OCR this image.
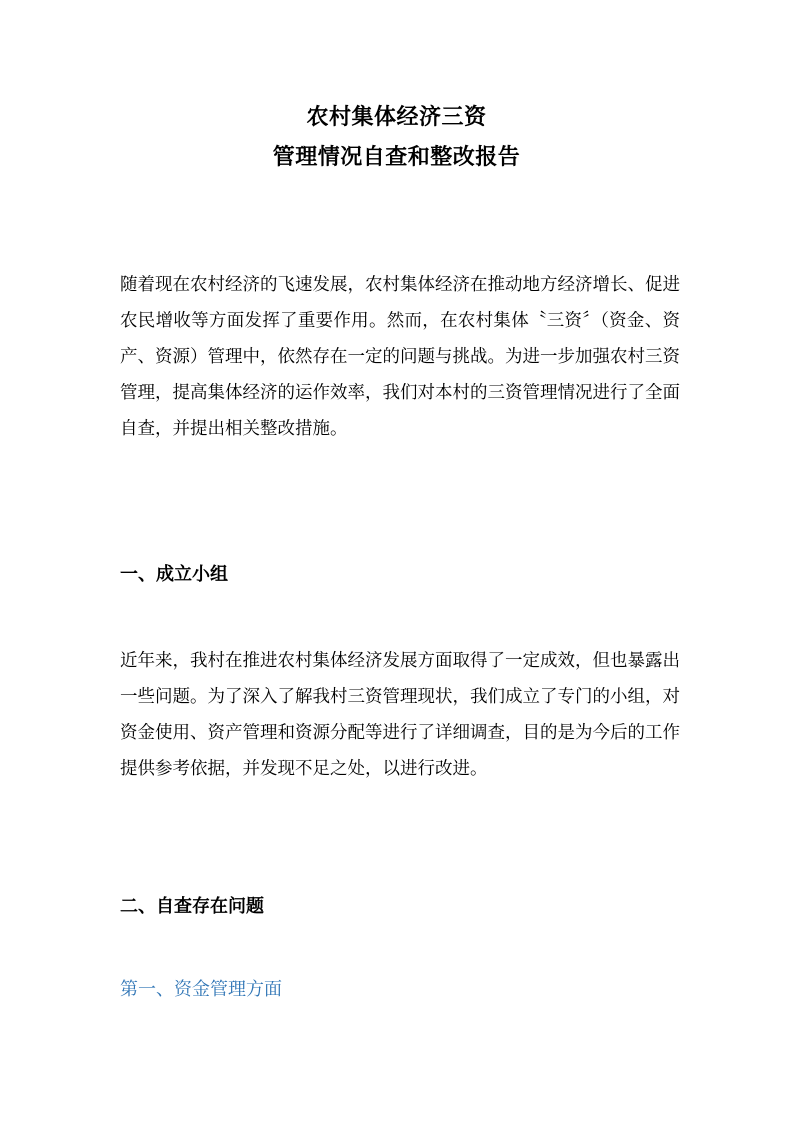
农村集体经济三资
管理情况自查和整改报告

随着现在农村经济的飞速发展，农村集体经济在推动地方经济增长、促进农民增收等方面发挥了重要作用。然而，在农村集体〝三资〞（资金、资产、资源）管理中，依然存在一定的问题与挑战。为进一步加强农村三资管理，提高集体经济的运作效率，我们对本村的三资管理情况进行了全面自查，并提出相关整改措施。

一、成立小组

近年来，我村在推进农村集体经济发展方面取得了一定成效，但也暴露出一些问题。为了深入了解我村三资管理现状，我们成立了专门的小组，对资金使用、资产管理和资源分配等进行了详细调查，目的是为今后的工作提供参考依据，并发现不足之处，以进行改进。

二、自查存在问题
第一、资金管理方面
